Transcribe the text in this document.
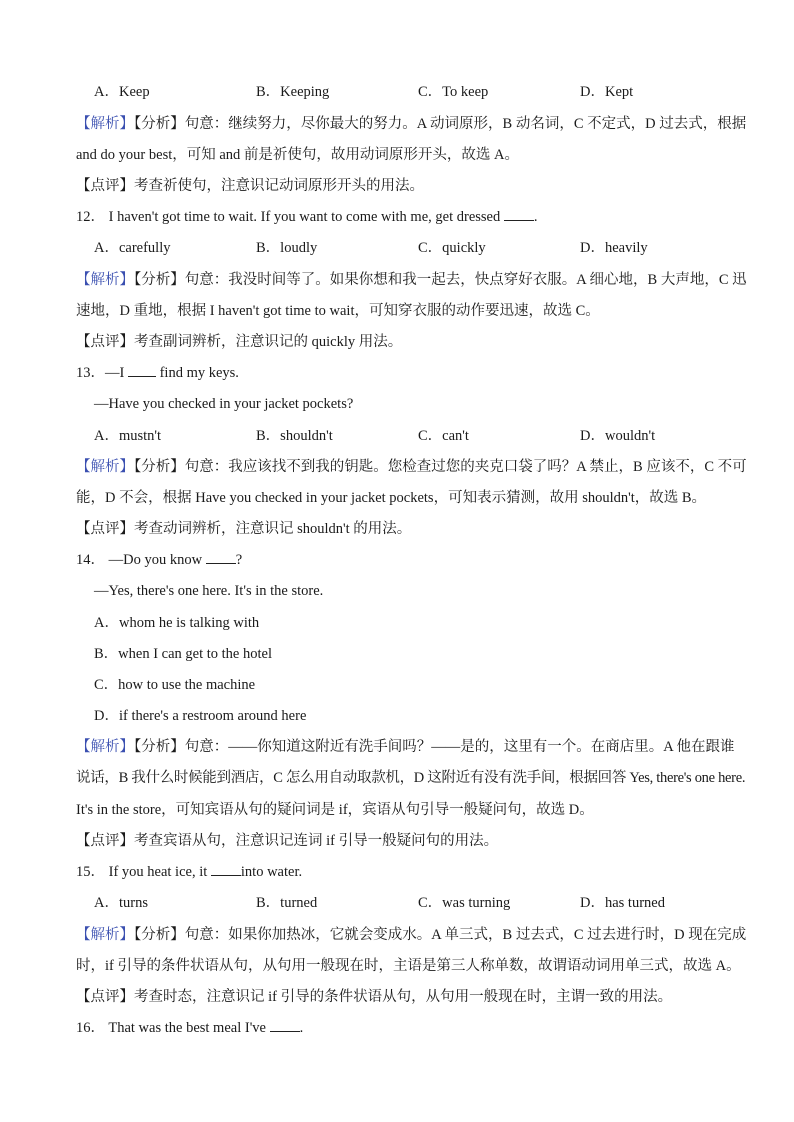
A．Keep	B．Keeping	C．To keep	D．Kept
【解析】【分析】句意：继续努力，尽你最大的努力。A 动词原形，B 动名词，C 不定式，D 过去式，根据
and do your best，可知 and 前是祈使句，故用动词原形开头，故选 A。
【点评】考查祈使句，注意识记动词原形开头的用法。
12． I haven't got time to wait. If you want to come with me, get dressed .
A．carefully	B．loudly	C．quickly	D．heavily
【解析】【分析】句意：我没时间等了。如果你想和我一起去，快点穿好衣服。A 细心地，B 大声地，C 迅
速地，D 重地，根据 I haven't got time to wait，可知穿衣服的动作要迅速，故选 C。
【点评】考查副词辨析，注意识记的 quickly 用法。
13．—I  find my keys.
—Have you checked in your jacket pockets?
A．mustn't	B．shouldn't	C．can't	D．wouldn't
【解析】【分析】句意：我应该找不到我的钥匙。您检查过您的夹克口袋了吗？A 禁止，B 应该不，C 不可
能，D 不会，根据 Have you checked in your jacket pockets，可知表示猜测，故用 shouldn't，故选 B。
【点评】考查动词辨析，注意识记 shouldn't 的用法。
14． —Do you know ?
—Yes, there's one here. It's in the store.
A．whom he is talking with
B．when I can get to the hotel
C．how to use the machine
D．if there's a restroom around here
【解析】【分析】句意：——你知道这附近有洗手间吗？——是的，这里有一个。在商店里。A 他在跟谁
说话，B 我什么时候能到酒店，C 怎么用自动取款机，D 这附近有没有洗手间，根据回答 Yes, there's one here.
It's in the store，可知宾语从句的疑问词是 if，宾语从句引导一般疑问句，故选 D。
【点评】考查宾语从句，注意识记连词 if 引导一般疑问句的用法。
15． If you heat ice, it into water.
A．turns	B．turned	C．was turning	D．has turned
【解析】【分析】句意：如果你加热冰，它就会变成水。A 单三式，B 过去式，C 过去进行时，D 现在完成
时，if 引导的条件状语从句，从句用一般现在时，主语是第三人称单数，故谓语动词用单三式，故选 A。
【点评】考查时态，注意识记 if 引导的条件状语从句，从句用一般现在时，主谓一致的用法。
16． That was the best meal I've .
